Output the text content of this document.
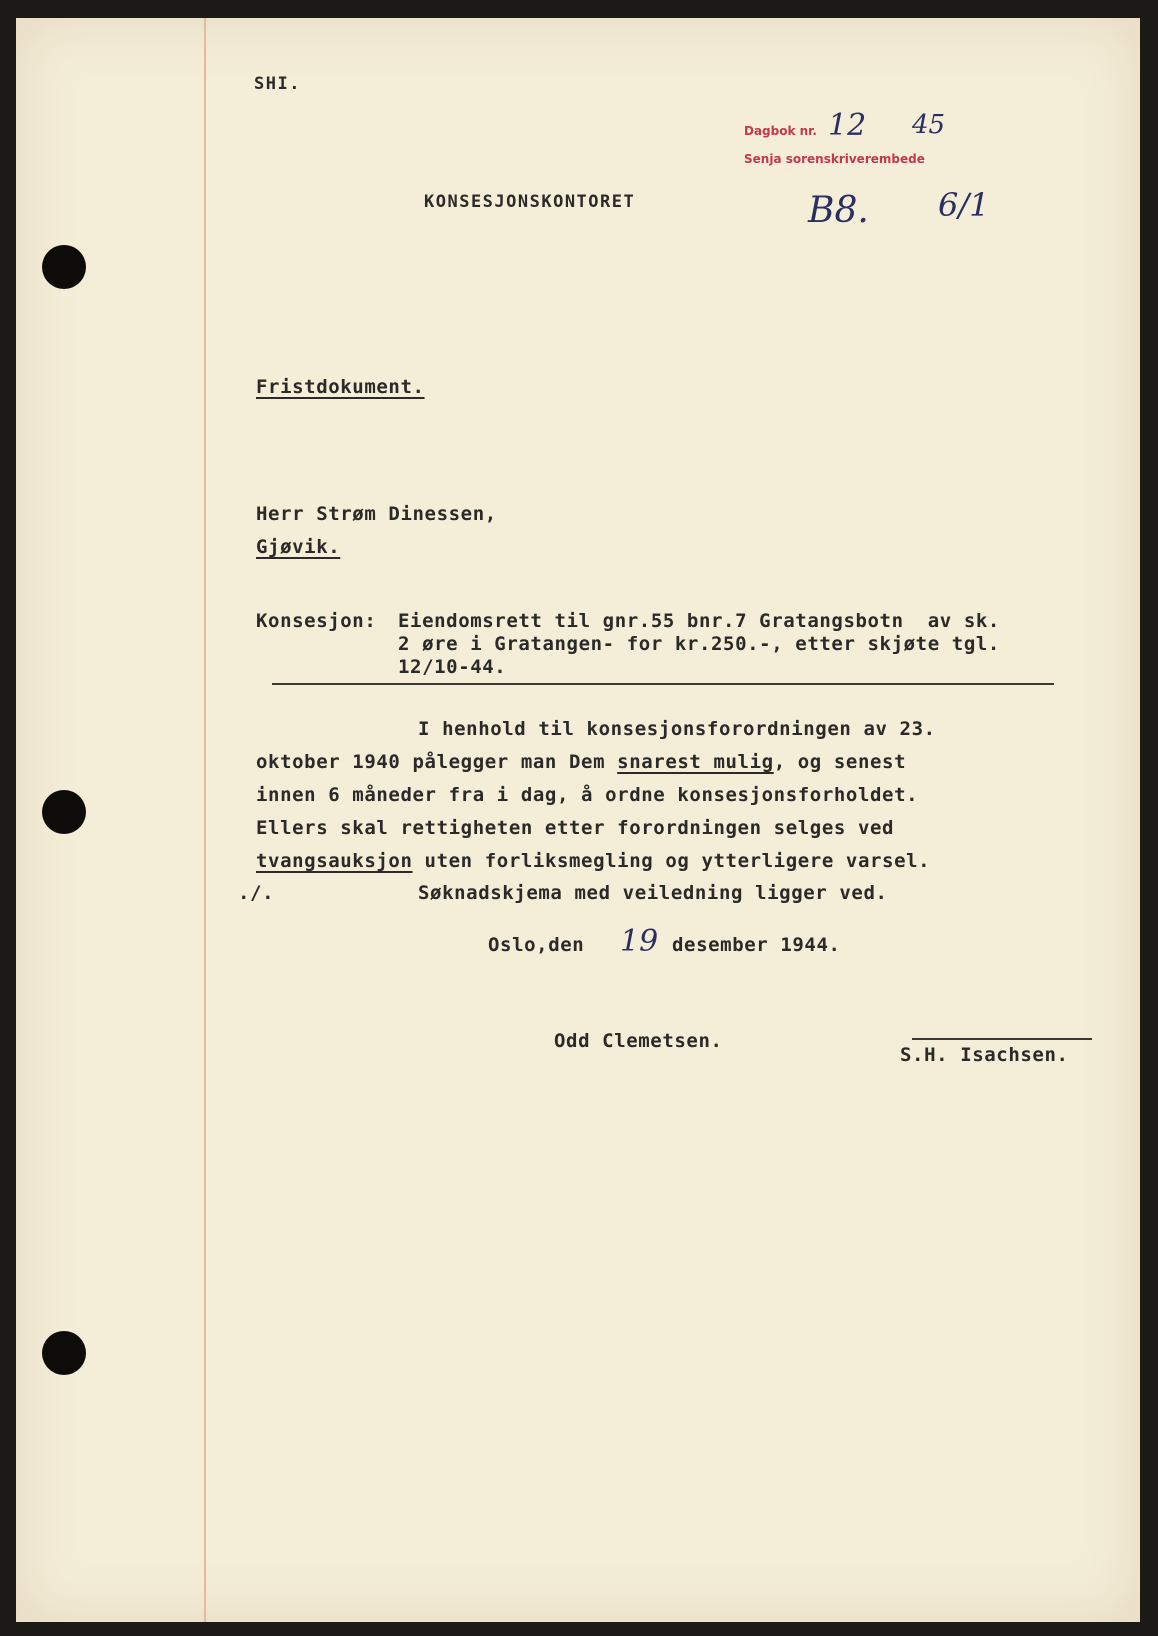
SHI.
Dagbok nr. 12 45
Senja sorenskriverembede
KONSESJONSKONTORET	B8. 6/1
Fristdokument.
Herr Strøm Dinessen,
Gjøvik.
Konsesjon: Eiendomsrett til gnr.55 bnr.7 Gratangsbotn  av sk.
2 øre i Gratangen- for kr.250.-, etter skjøte tgl.
12/10-44.
I henhold til konsesjonsforordningen av 23.
oktober 1940 pålegger man Dem snarest mulig, og senest
innen 6 måneder fra i dag, å ordne konsesjonsforholdet.
Ellers skal rettigheten etter forordningen selges ved
tvangsauksjon uten forliksmegling og ytterligere varsel.
./.	Søknadskjema med veiledning ligger ved.
Oslo,den 19 desember 1944.
Odd Clemetsen.
S.H. Isachsen.
